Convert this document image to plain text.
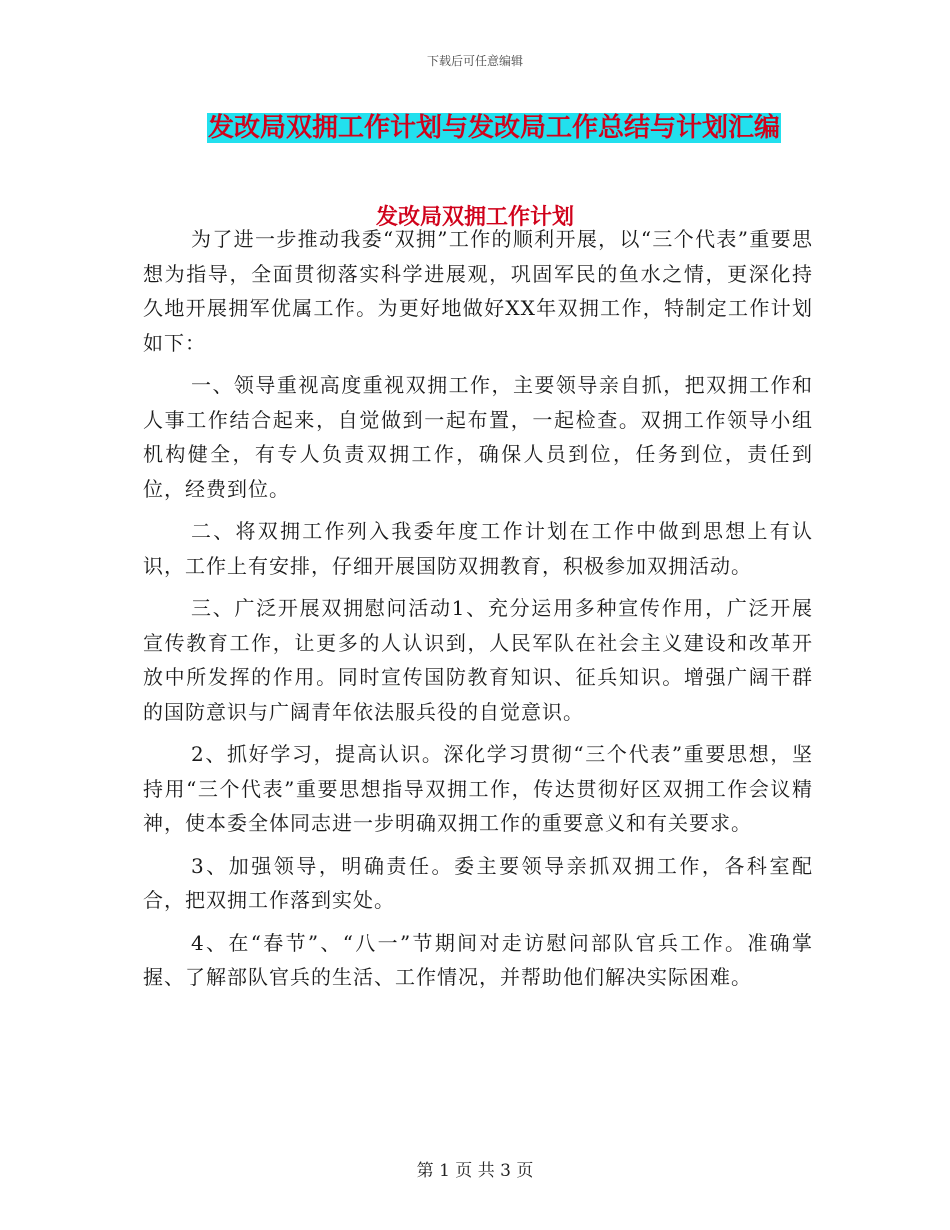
下载后可任意编辑
发改局双拥工作计划与发改局工作总结与计划汇编
发改局双拥工作计划

为了进一步推动我委“双拥”工作的顺利开展，以“三个代表”重要思想为指导，全面贯彻落实科学进展观，巩固军民的鱼水之情，更深化持久地开展拥军优属工作。为更好地做好XX年双拥工作，特制定工作计划如下：

一、领导重视高度重视双拥工作，主要领导亲自抓，把双拥工作和人事工作结合起来，自觉做到一起布置，一起检查。双拥工作领导小组机构健全，有专人负责双拥工作，确保人员到位，任务到位，责任到位，经费到位。

二、将双拥工作列入我委年度工作计划在工作中做到思想上有认识，工作上有安排，仔细开展国防双拥教育，积极参加双拥活动。

三、广泛开展双拥慰问活动1、充分运用多种宣传作用，广泛开展宣传教育工作，让更多的人认识到，人民军队在社会主义建设和改革开放中所发挥的作用。同时宣传国防教育知识、征兵知识。增强广阔干群的国防意识与广阔青年依法服兵役的自觉意识。

2、抓好学习，提高认识。深化学习贯彻“三个代表”重要思想，坚持用“三个代表”重要思想指导双拥工作，传达贯彻好区双拥工作会议精神，使本委全体同志进一步明确双拥工作的重要意义和有关要求。

3、加强领导，明确责任。委主要领导亲抓双拥工作，各科室配合，把双拥工作落到实处。

4、在“春节”、“八一”节期间对走访慰问部队官兵工作。准确掌握、了解部队官兵的生活、工作情况，并帮助他们解决实际困难。

第 1 页 共 3 页
